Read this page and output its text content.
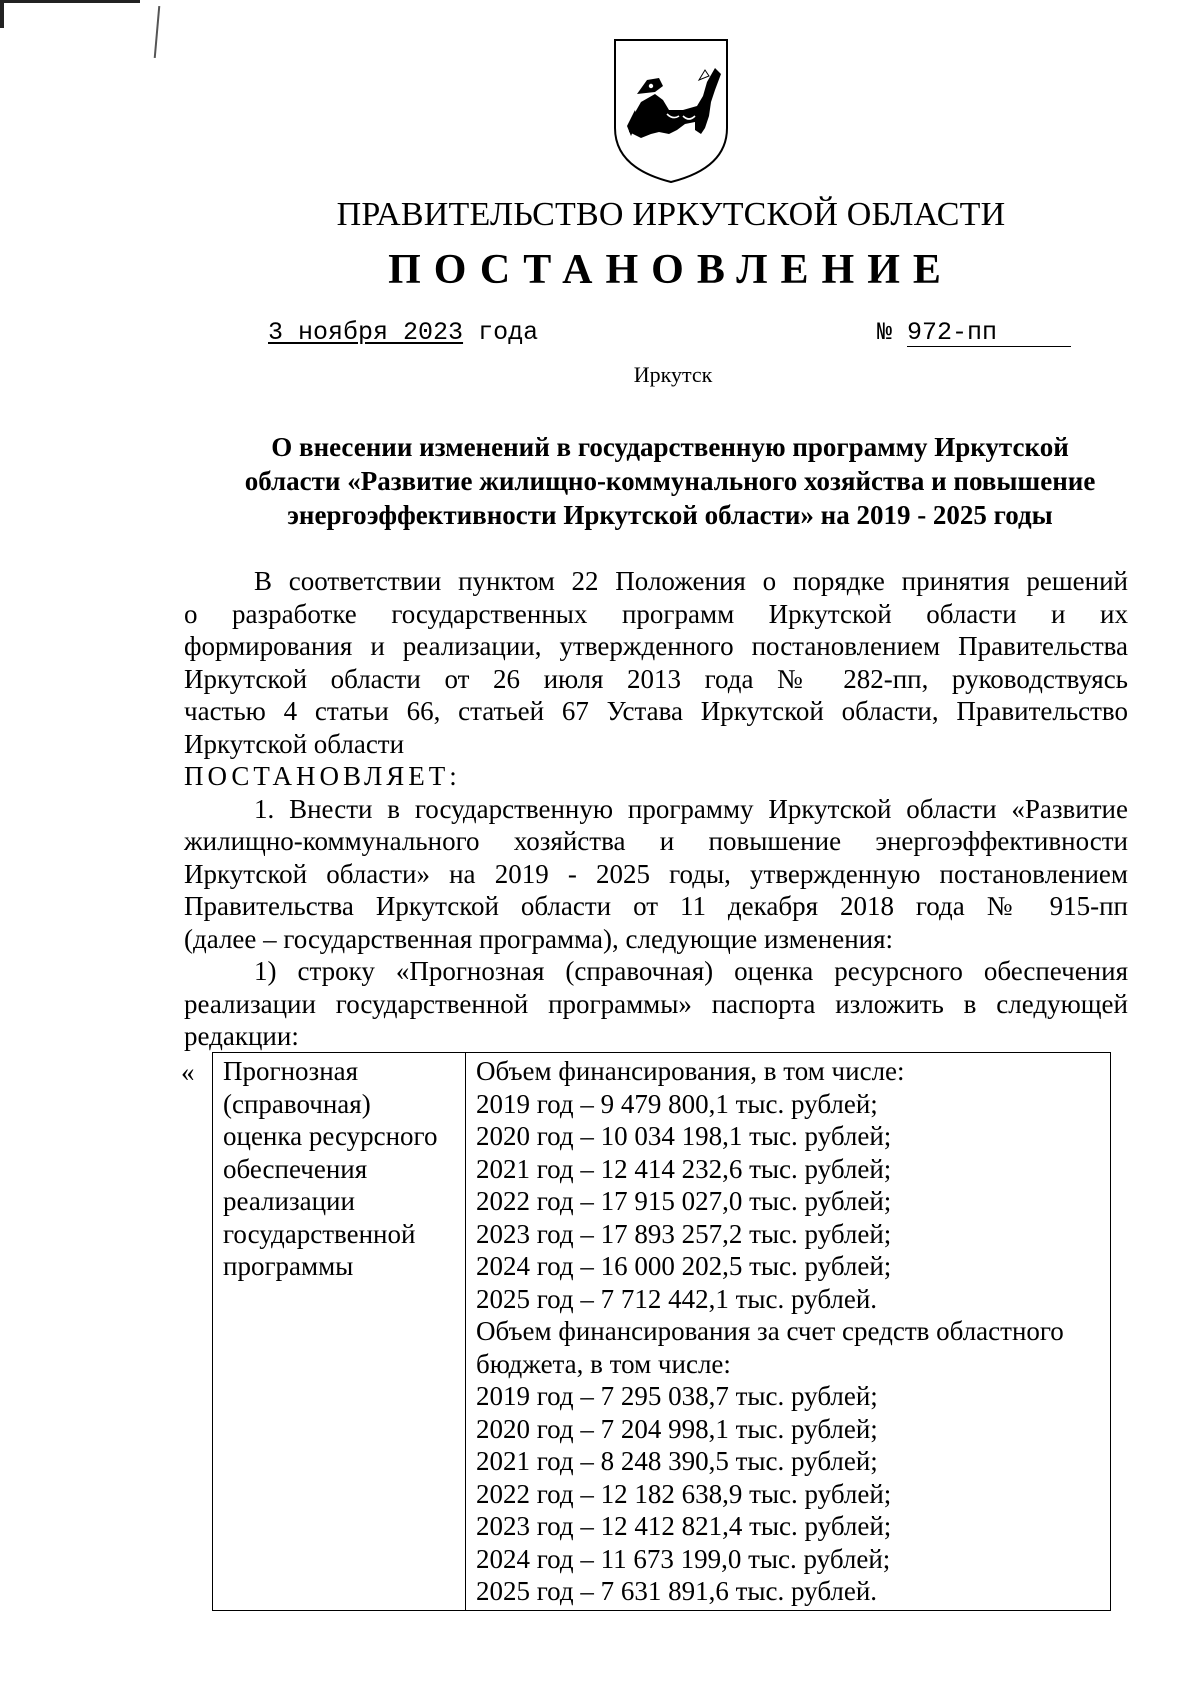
ПРАВИТЕЛЬСТВО ИРКУТСКОЙ ОБЛАСТИ
ПОСТАНОВЛЕНИЕ
3 ноября 2023 года	№ 972-пп
Иркутск
О внесении изменений в государственную программу Иркутской
области «Развитие жилищно-коммунального хозяйства и повышение
энергоэффективности Иркутской области» на 2019 - 2025 годы

В соответствии пунктом 22 Положения о порядке принятия решений

о разработке государственных программ Иркутской области и их

формирования и реализации, утвержденного постановлением Правительства

Иркутской области от 26 июля 2013 года № 282-пп, руководствуясь

частью 4 статьи 66, статьей 67 Устава Иркутской области, Правительство

Иркутской области

ПОСТАНОВЛЯЕТ:

1. Внести в государственную программу Иркутской области «Развитие

жилищно-коммунального хозяйства и повышение энергоэффективности

Иркутской области» на 2019 - 2025 годы, утвержденную постановлением

Правительства Иркутской области от 11 декабря 2018 года № 915-пп

(далее – государственная программа), следующие изменения:

1) строку «Прогнозная (справочная) оценка ресурсного обеспечения

реализации государственной программы» паспорта изложить в следующей

редакции:

« Прогнозная
(справочная)
оценка ресурсного
обеспечения
реализации
государственной
программы

Объем финансирования, в том числе:
2019 год – 9 479 800,1 тыс. рублей;
2020 год – 10 034 198,1 тыс. рублей;
2021 год – 12 414 232,6 тыс. рублей;
2022 год – 17 915 027,0 тыс. рублей;
2023 год – 17 893 257,2 тыс. рублей;
2024 год – 16 000 202,5 тыс. рублей;
2025 год – 7 712 442,1 тыс. рублей.
Объем финансирования за счет средств областного
бюджета, в том числе:
2019 год – 7 295 038,7 тыс. рублей;
2020 год – 7 204 998,1 тыс. рублей;
2021 год – 8 248 390,5 тыс. рублей;
2022 год – 12 182 638,9 тыс. рублей;
2023 год – 12 412 821,4 тыс. рублей;
2024 год – 11 673 199,0 тыс. рублей;
2025 год – 7 631 891,6 тыс. рублей.
